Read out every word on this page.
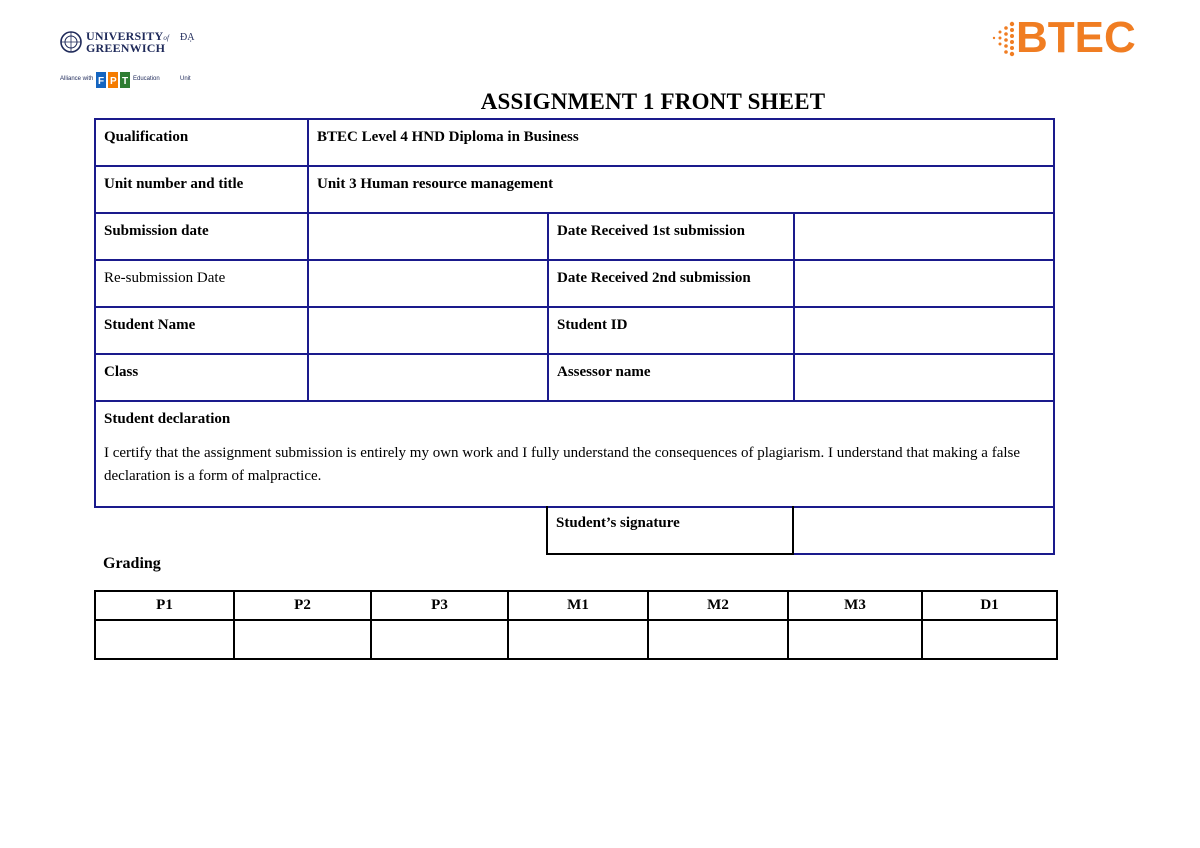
UNIVERSITYof
GREENWICH
ĐẠ
Alliance with F P T Education	Unit
BTEC
ASSIGNMENT 1 FRONT SHEET
Qualification	BTEC Level 4 HND Diploma in Business		
Unit number and title	Unit 3 Human resource management		
Submission date		Date Received 1st submission	
Re-submission Date		Date Received 2nd submission	
Student Name		Student ID	
Class		Assessor name	

Student declaration
I certify that the assignment submission is entirely my own work and I fully understand the consequences of plagiarism. I understand that making a false declaration is a form of malpractice.			
Student’s signature	
Grading
P1	P2	P3	M1	M2	M3	D1
